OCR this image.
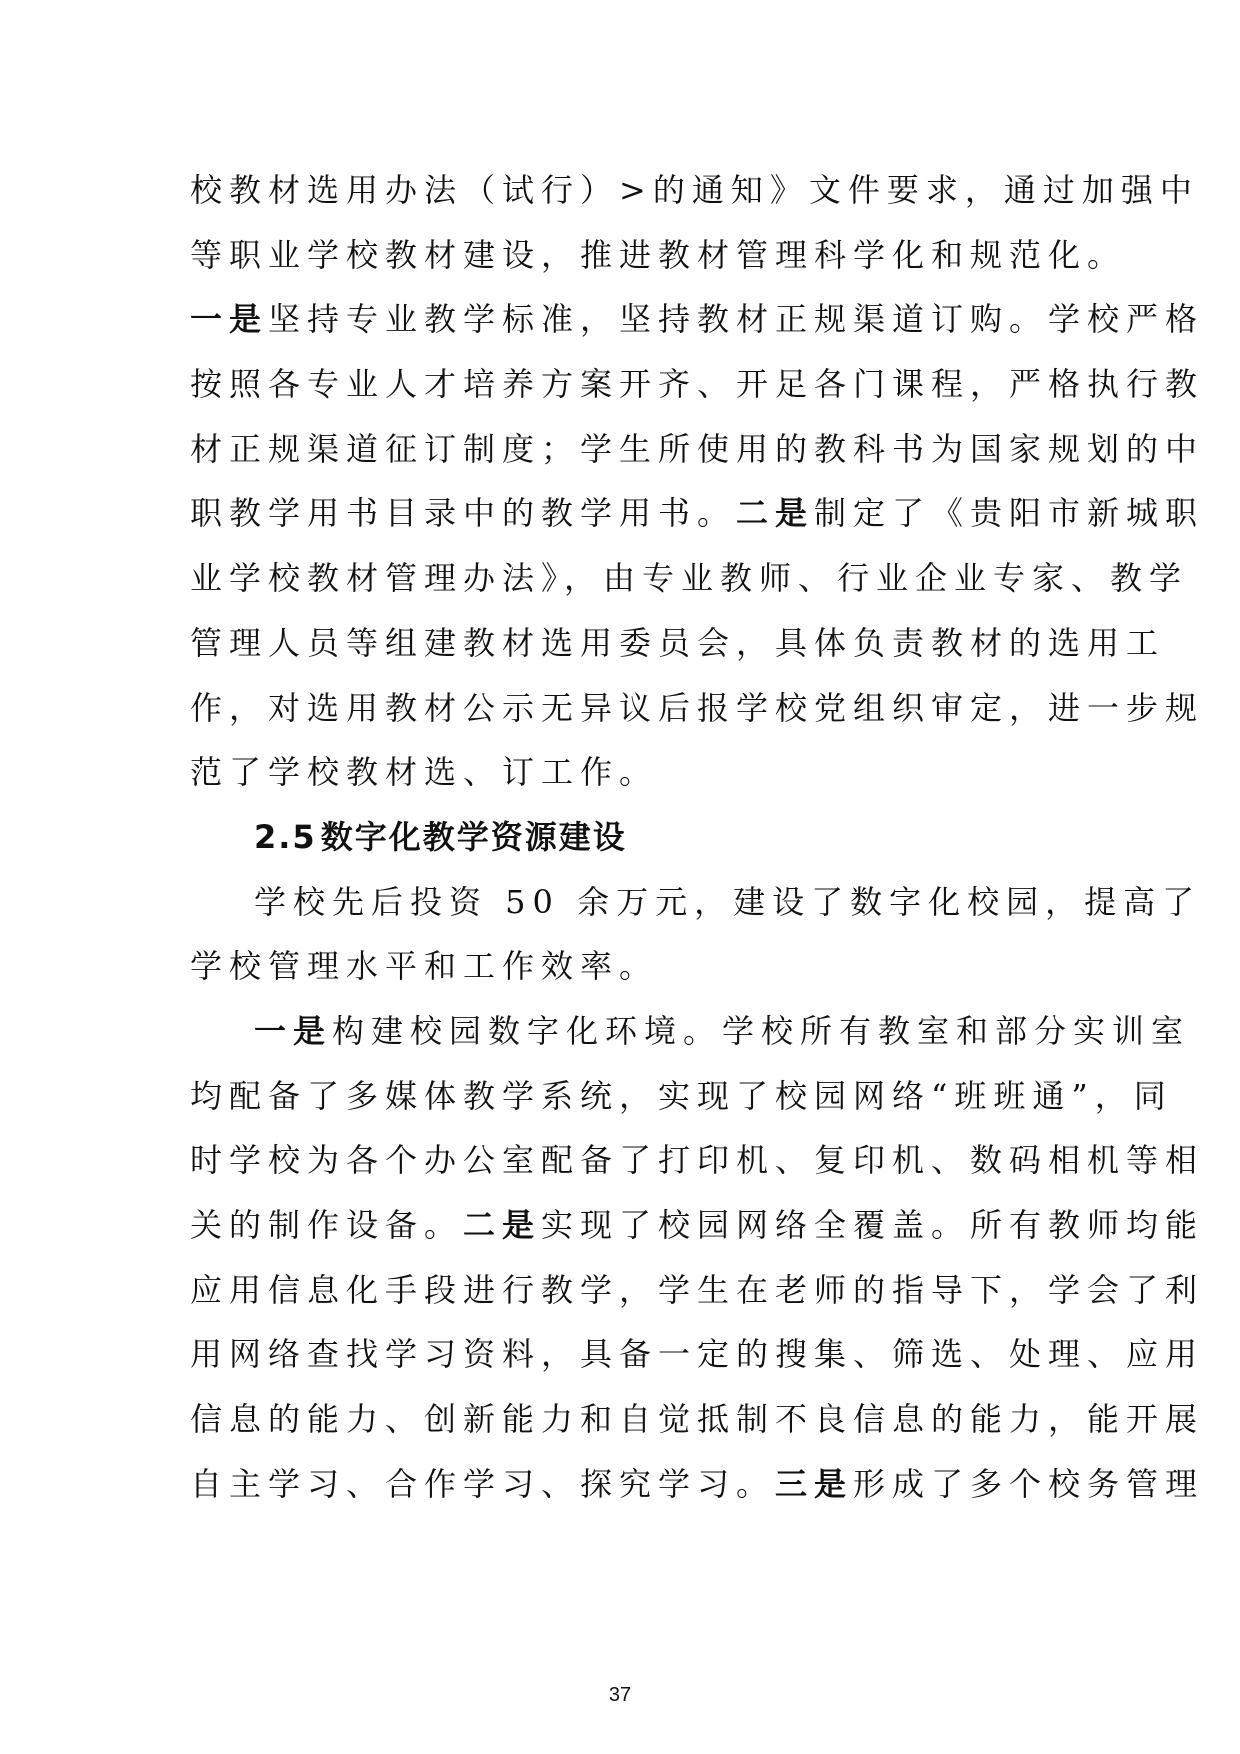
校教材选用办法（试行）>的通知》文件要求，通过加强中
等职业学校教材建设，推进教材管理科学化和规范化。
一是坚持专业教学标准，坚持教材正规渠道订购。学校严格
按照各专业人才培养方案开齐、开足各门课程，严格执行教
材正规渠道征订制度；学生所使用的教科书为国家规划的中
职教学用书目录中的教学用书。二是制定了《贵阳市新城职
业学校教材管理办法》，由专业教师、行业企业专家、教学
管理人员等组建教材选用委员会，具体负责教材的选用工
作，对选用教材公示无异议后报学校党组织审定，进一步规
范了学校教材选、订工作。
2.5 数字化教学资源建设
学校先后投资 50 余万元，建设了数字化校园，提高了
学校管理水平和工作效率。
一是构建校园数字化环境。学校所有教室和部分实训室
均配备了多媒体教学系统，实现了校园网络“班班通”，同
时学校为各个办公室配备了打印机、复印机、数码相机等相
关的制作设备。二是实现了校园网络全覆盖。所有教师均能
应用信息化手段进行教学，学生在老师的指导下，学会了利
用网络查找学习资料，具备一定的搜集、筛选、处理、应用
信息的能力、创新能力和自觉抵制不良信息的能力，能开展
自主学习、合作学习、探究学习。三是形成了多个校务管理
37
